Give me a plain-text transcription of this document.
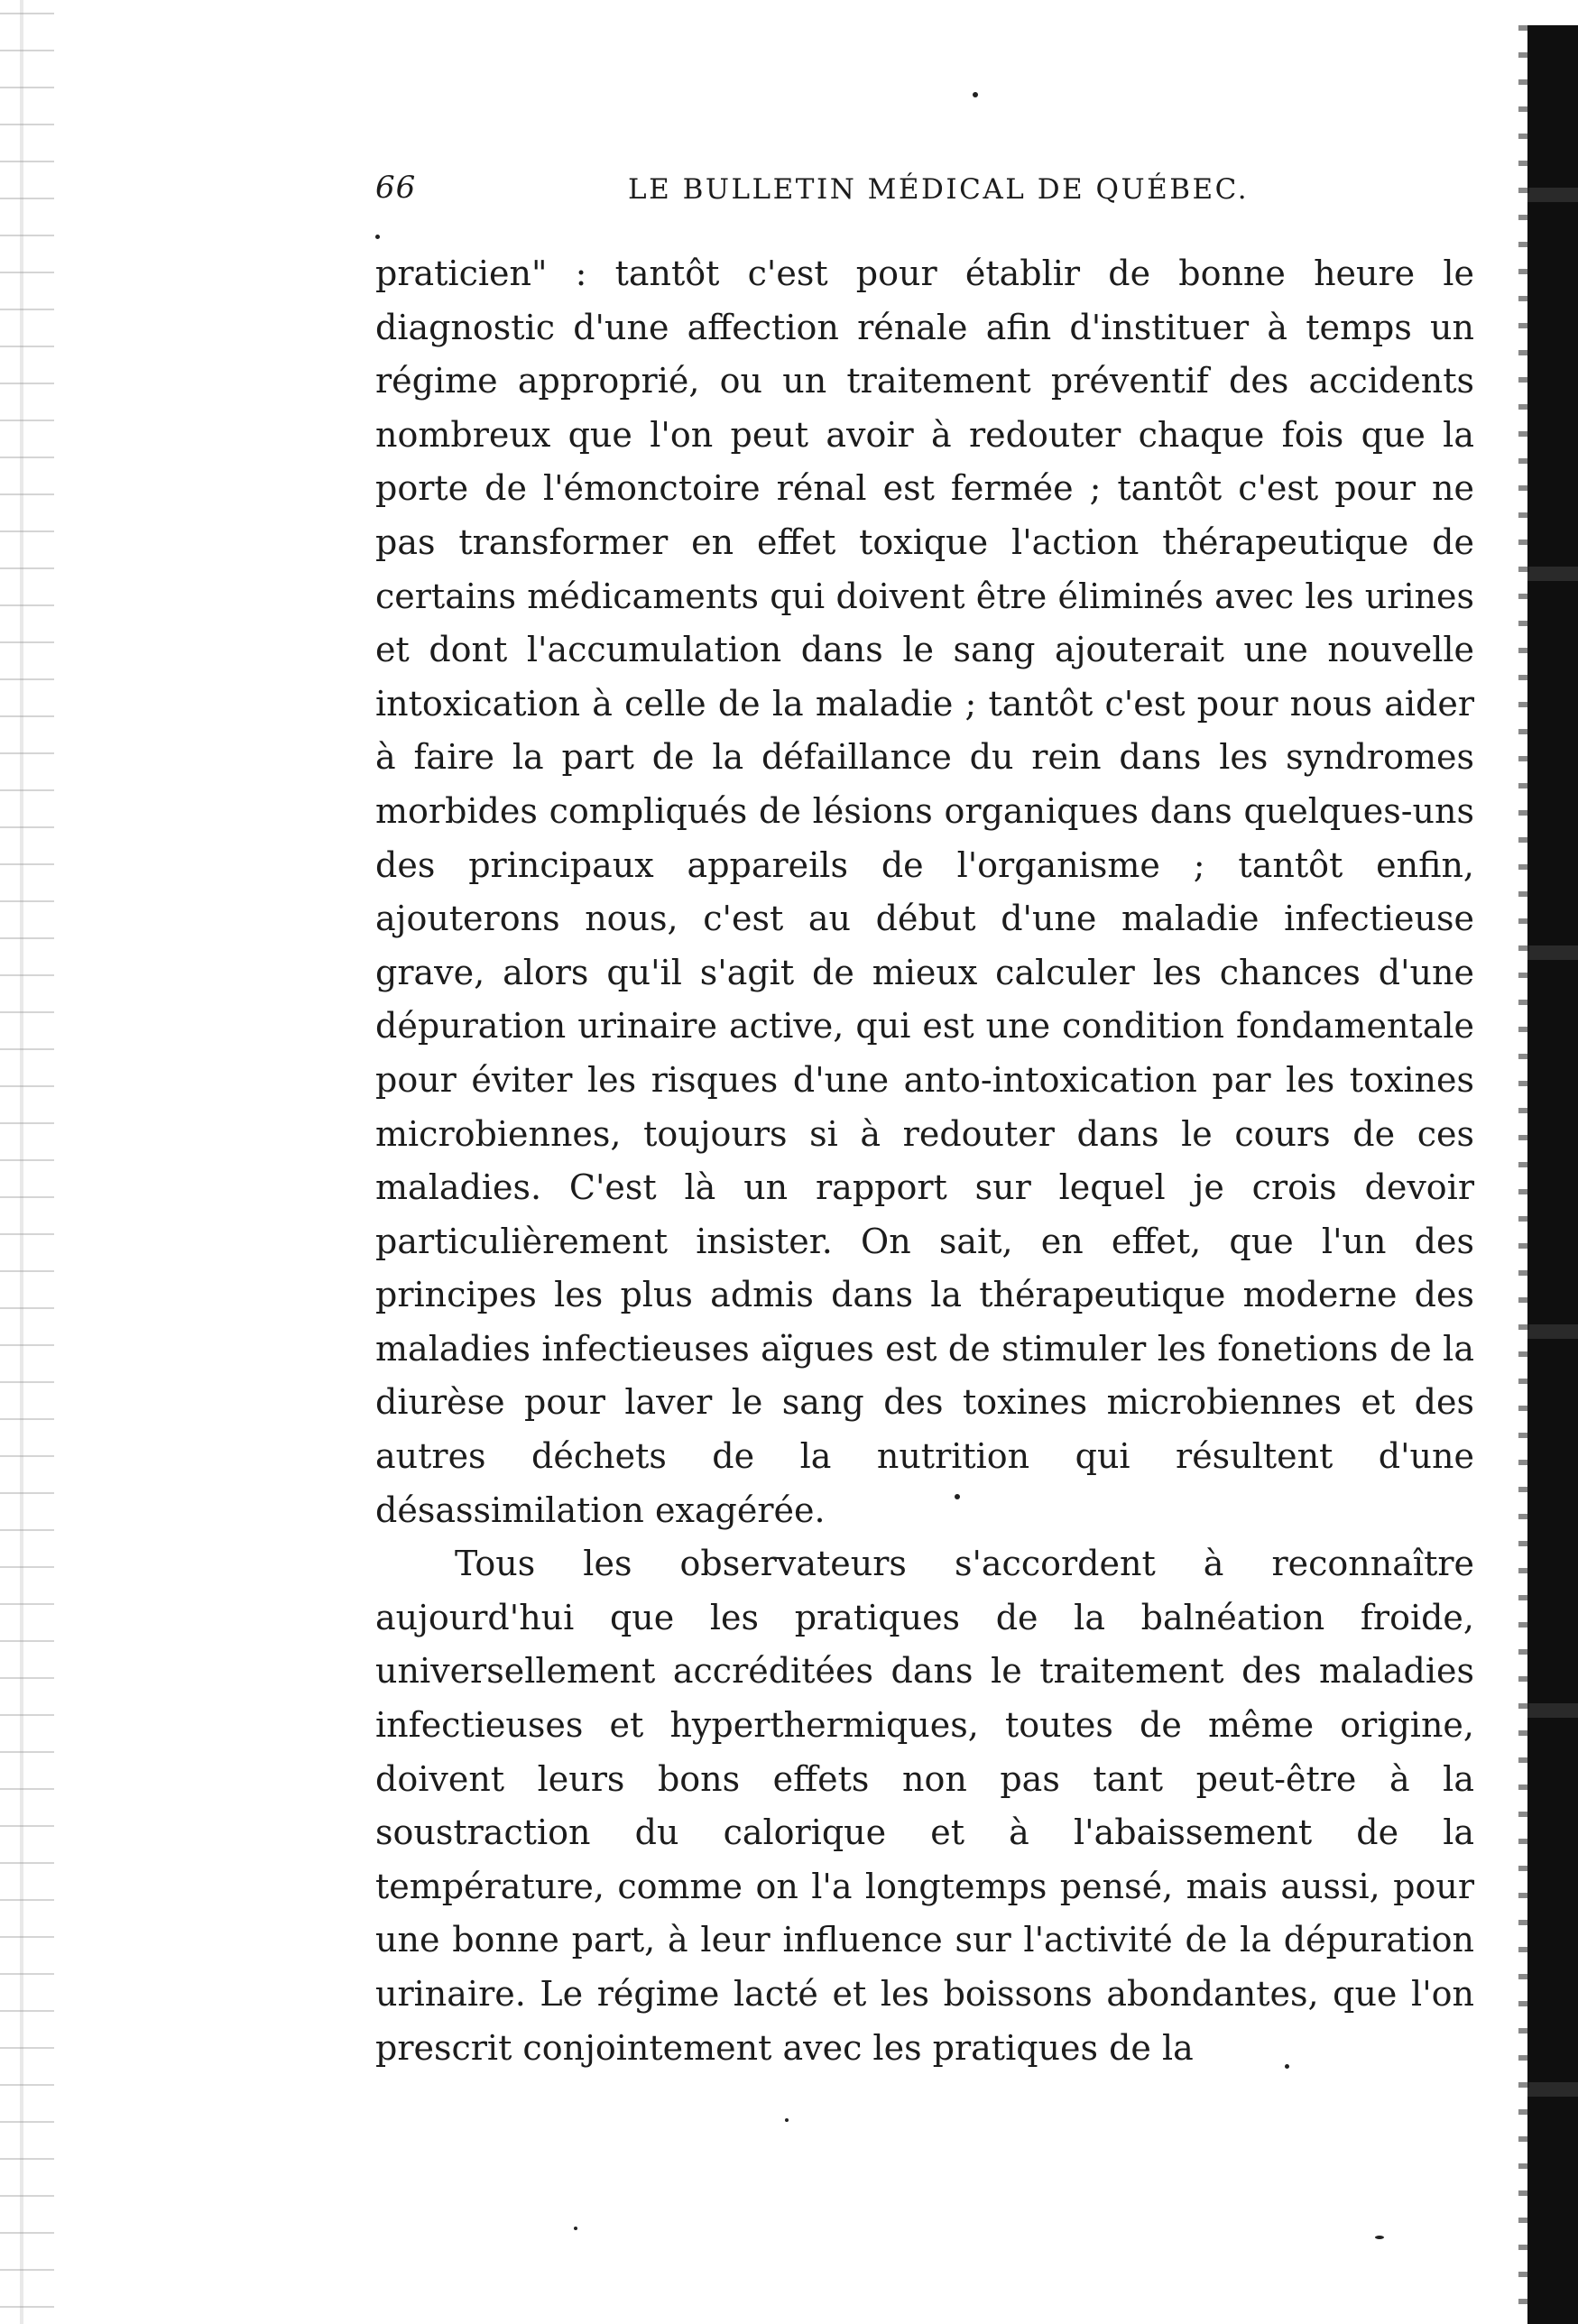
66	LE BULLETIN MÉDICAL DE QUÉBEC.

praticien" : tantôt c'est pour établir de bonne heure le diagnostic d'une affection rénale afin d'instituer à temps un régime approprié, ou un traitement préventif des accidents nombreux que l'on peut avoir à redouter chaque fois que la porte de l'émonctoire rénal est fermée ; tantôt c'est pour ne pas transformer en effet toxique l'action thérapeutique de certains médicaments qui doivent être éliminés avec les urines et dont l'accumulation dans le sang ajouterait une nouvelle intoxication à celle de la maladie ; tantôt c'est pour nous aider à faire la part de la défaillance du rein dans les syndromes morbides compliqués de lésions organiques dans quelques-uns des principaux appareils de l'organisme ; tantôt enfin, ajouterons nous, c'est au début d'une maladie infectieuse grave, alors qu'il s'agit de mieux calculer les chances d'une dépuration urinaire active, qui est une condition fondamentale pour éviter les risques d'une anto-intoxication par les toxines microbiennes, toujours si à redouter dans le cours de ces maladies. C'est là un rapport sur lequel je crois devoir particulièrement insister. On sait, en effet, que l'un des principes les plus admis dans la thérapeutique moderne des maladies infectieuses aïgues est de stimuler les fonetions de la diurèse pour laver le sang des toxines microbiennes et des autres déchets de la nutrition qui résultent d'une désassimilation exagérée.

Tous les observateurs s'accordent à reconnaître aujourd'hui que les pratiques de la balnéation froide, universellement accréditées dans le traitement des maladies infectieuses et hyperthermiques, toutes de même origine, doivent leurs bons effets non pas tant peut-être à la soustraction du calorique et à l'abaissement de la température, comme on l'a longtemps pensé, mais aussi, pour une bonne part, à leur influence sur l'activité de la dépuration urinaire. Le régime lacté et les boissons abondantes, que l'on prescrit conjointement avec les pratiques de la
